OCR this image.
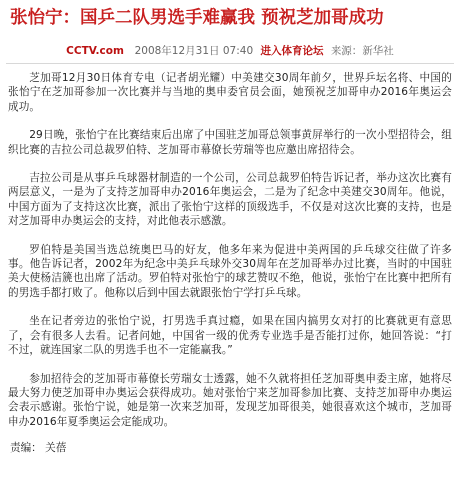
张怡宁：国乒二队男选手难赢我 预祝芝加哥成功
CCTV.com
2008年12月31日 07:40
进入体育论坛
来源： 新华社

芝加哥12月30日体育专电（记者胡光耀）中美建交30周年前夕，世界乒坛名将、中国的张怡宁在芝加哥参加一次比赛并与当地的奥申委官员会面，她预祝芝加哥申办2016年奥运会成功。

29日晚，张怡宁在比赛结束后出席了中国驻芝加哥总领事黄屏举行的一次小型招待会，组织比赛的吉拉公司总裁罗伯特、芝加哥市幕僚长劳瑞等也应邀出席招待会。

吉拉公司是从事乒乓球器材制造的一个公司，公司总裁罗伯特告诉记者，举办这次比赛有两层意义，一是为了支持芝加哥申办2016年奥运会，二是为了纪念中美建交30周年。他说，中国方面为了支持这次比赛，派出了张怡宁这样的顶级选手，不仅是对这次比赛的支持，也是对芝加哥申办奥运会的支持，对此他表示感激。

罗伯特是美国当选总统奥巴马的好友，他多年来为促进中美两国的乒乓球交往做了许多事。他告诉记者，2002年为纪念中美乒乓球外交30周年在芝加哥举办过比赛，当时的中国驻美大使杨洁篪也出席了活动。罗伯特对张怡宁的球艺赞叹不绝，他说，张怡宁在比赛中把所有的男选手都打败了。他称以后到中国去就跟张怡宁学打乒乓球。

坐在记者旁边的张怡宁说，打男选手真过瘾，如果在国内搞男女对打的比赛就更有意思了，会有很多人去看。记者问她，中国省一级的优秀专业选手是否能打过你，她回答说：“打不过，就连国家二队的男选手也不一定能赢我。”

参加招待会的芝加哥市幕僚长劳瑞女士透露，她不久就将担任芝加哥奥申委主席，她将尽最大努力使芝加哥申办奥运会获得成功。她对张怡宁来芝加哥参加比赛、支持芝加哥申办奥运会表示感谢。张怡宁说，她是第一次来芝加哥，发现芝加哥很美，她很喜欢这个城市，芝加哥申办2016年夏季奥运会定能成功。

责编： 关蓓
